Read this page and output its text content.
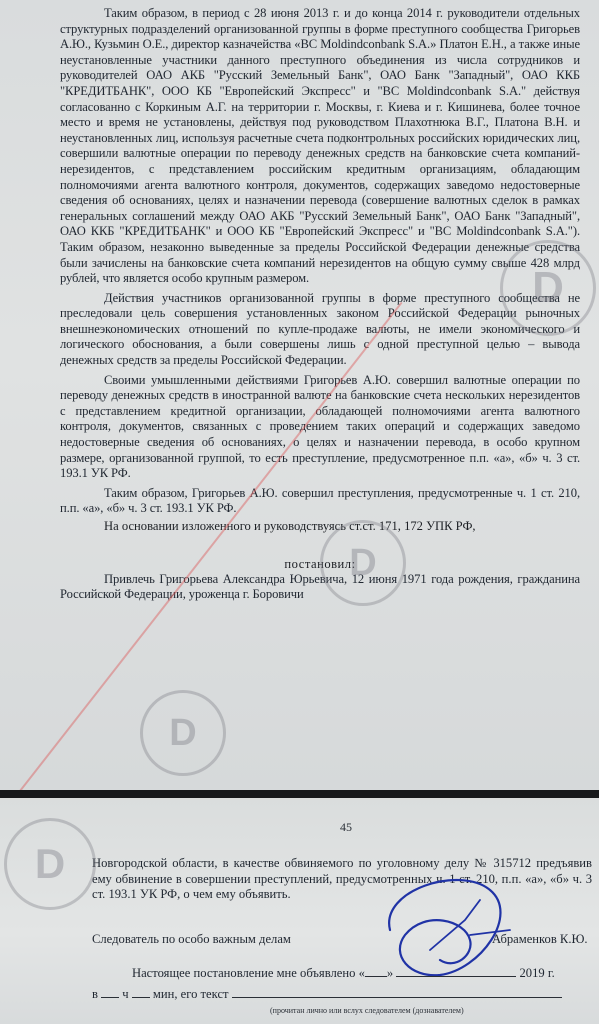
Таким образом, в период с 28 июня 2013 г. и до конца 2014 г. руководители отдельных структурных подразделений организованной группы в форме преступного сообщества Григорьев А.Ю., Кузьмин О.Е., директор казначейства «BC Moldindconbank S.A.» Платон Е.Н., а также иные неустановленные участники данного преступного объединения из числа сотрудников и руководителей ОАО АКБ "Русский Земельный Банк", ОАО Банк "Западный", ОАО ККБ "КРЕДИТБАНК", ООО КБ "Европейский Экспресс" и "BC Moldindconbank S.A." действуя согласованно с Коркиным А.Г. на территории г. Москвы, г. Киева и г. Кишинева, более точное место и время не установлены, действуя под руководством Плахотнюка В.Г., Платона В.Н. и неустановленных лиц, используя расчетные счета подконтрольных российских юридических лиц, совершили валютные операции по переводу денежных средств на банковские счета компаний-нерезидентов, с представлением российским кредитным организациям, обладающим полномочиями агента валютного контроля, документов, содержащих заведомо недостоверные сведения об основаниях, целях и назначении перевода (совершение валютных сделок в рамках генеральных соглашений между ОАО АКБ "Русский Земельный Банк", ОАО Банк "Западный", ОАО ККБ "КРЕДИТБАНК" и ООО КБ "Европейский Экспресс" и "BC Moldindconbank S.A."). Таким образом, незаконно выведенные за пределы Российской Федерации денежные средства были зачислены на банковские счета компаний нерезидентов на общую сумму свыше 428 млрд рублей, что является особо крупным размером.

Действия участников организованной группы в форме преступного сообщества не преследовали цель совершения установленных законом Российской Федерации рыночных внешнеэкономических отношений по купле-продаже валюты, не имели экономического и логического обоснования, а были совершены лишь с одной преступной целью – вывода денежных средств за пределы Российской Федерации.

Своими умышленными действиями Григорьев А.Ю. совершил валютные операции по переводу денежных средств в иностранной валюте на банковские счета нескольких нерезидентов с представлением кредитной организации, обладающей полномочиями агента валютного контроля, документов, связанных с проведением таких операций и содержащих заведомо недостоверные сведения об основаниях, о целях и назначении перевода, в особо крупном размере, организованной группой, то есть преступление, предусмотренное п.п. «а», «б» ч. 3 ст. 193.1 УК РФ.

Таким образом, Григорьев А.Ю. совершил преступления, предусмотренные ч. 1 ст. 210, п.п. «а», «б» ч. 3 ст. 193.1 УК РФ.

На основании изложенного и руководствуясь ст.ст. 171, 172 УПК РФ,

постановил:

Привлечь Григорьева Александра Юрьевича, 12 июня 1971 года рождения, гражданина Российской Федерации, уроженца г. Боровичи

D
D
D
45

Новгородской области, в качестве обвиняемого по уголовному делу № 315712 предъявив ему обвинение в совершении преступлений, предусмотренных ч. 1 ст. 210, п.п. «а», «б» ч. 3 ст. 193.1 УК РФ, о чем ему объявить.

D
Следователь по особо важным делам	Абраменков К.Ю.
Настоящее постановление мне объявлено « »	2019 г.
в ч мин, его текст
(прочитан лично или вслух следователем (дознавателем)
